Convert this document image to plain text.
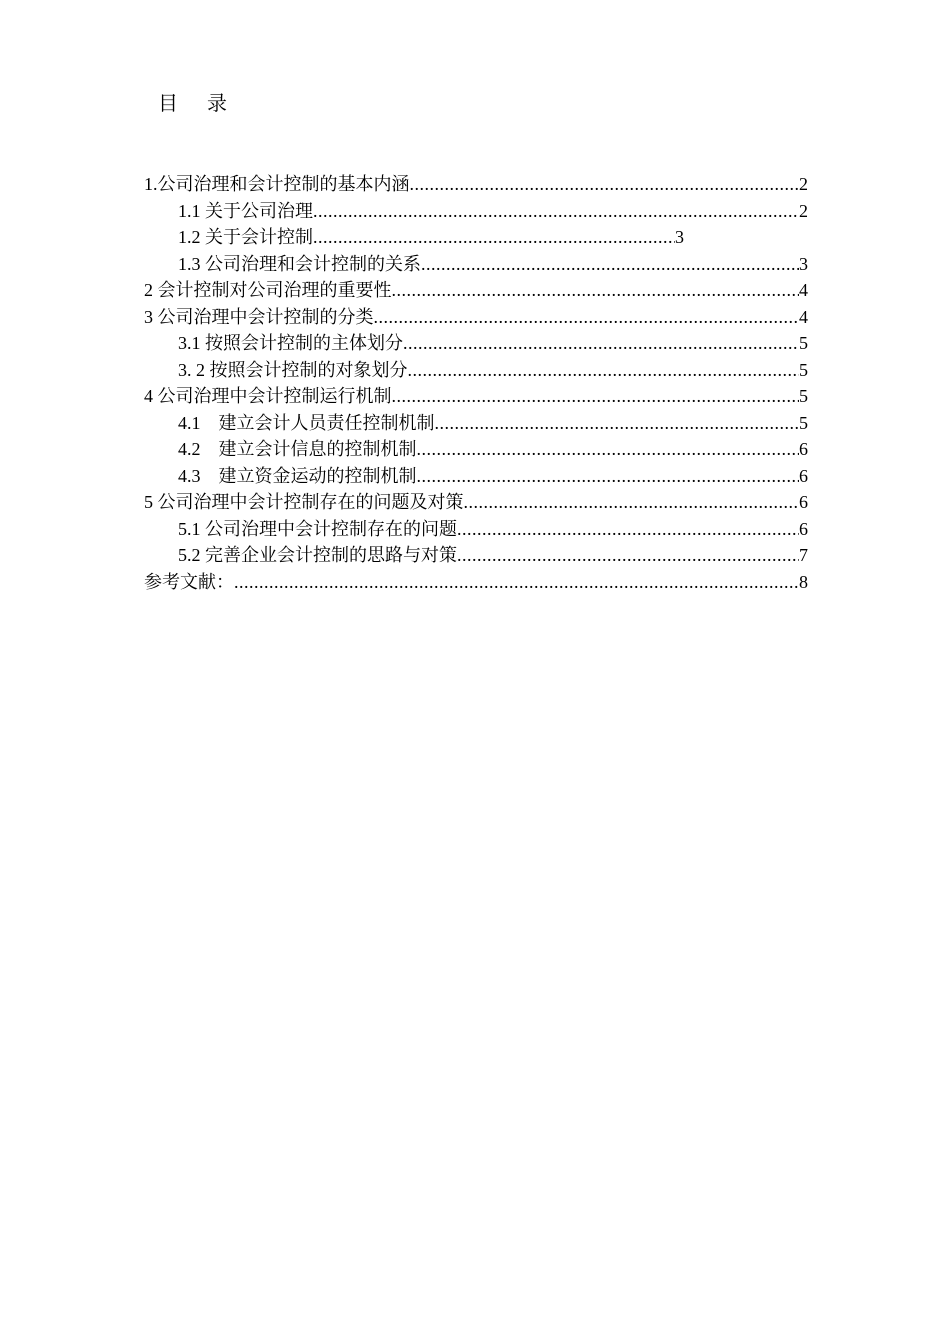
目 录
1.公司治理和会计控制的基本内涵 .....	2
1.1 关于公司治理 .....	2
1.2 关于会计控制 .....	3
1.3 公司治理和会计控制的关系 .....	3
2 会计控制对公司治理的重要性 .....	4
3 公司治理中会计控制的分类 .....	4
3.1 按照会计控制的主体划分 .....	5
3. 2 按照会计控制的对象划分 .....	5
4 公司治理中会计控制运行机制 .....	5
4.1    建立会计人员责任控制机制 .....	5
4.2    建立会计信息的控制机制 .....	6
4.3    建立资金运动的控制机制 .....	6
5 公司治理中会计控制存在的问题及对策 .....	6
5.1 公司治理中会计控制存在的问题 .....	6
5.2 完善企业会计控制的思路与对策 .....	7
参考文献： .....	8
